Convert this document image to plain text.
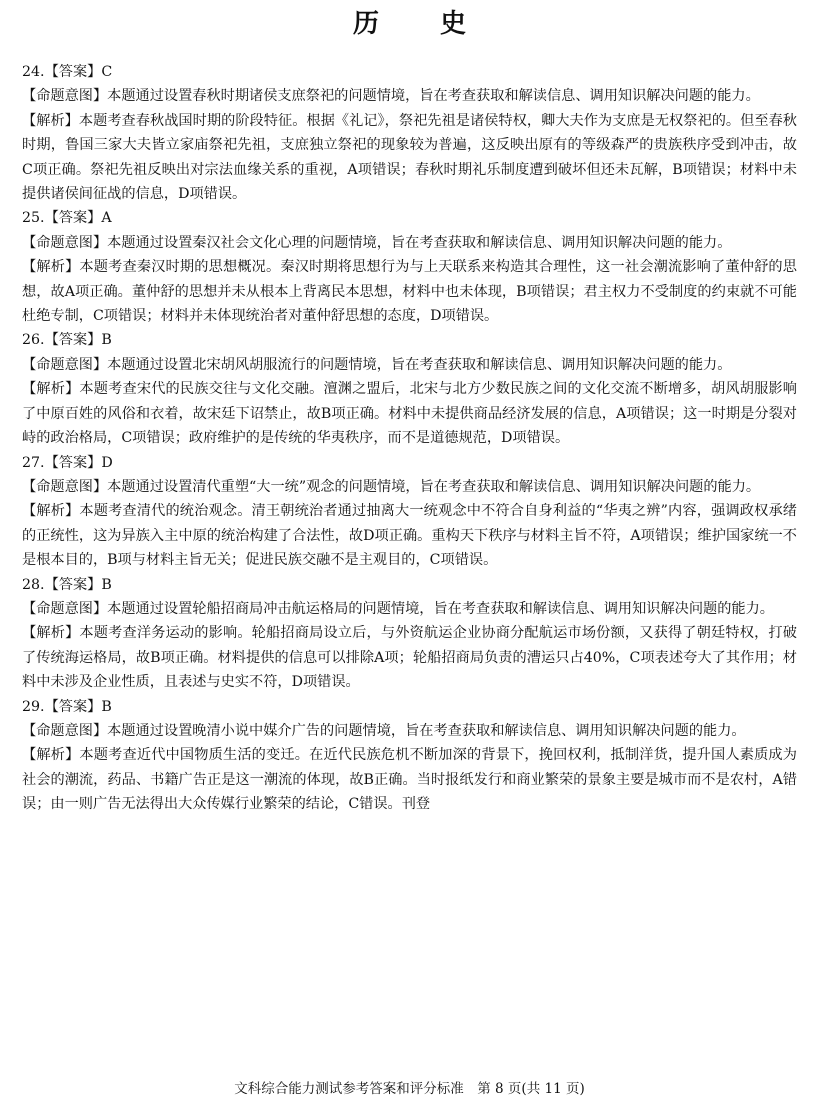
历 史

24.【答案】C

【命题意图】本题通过设置春秋时期诸侯支庶祭祀的问题情境，旨在考查获取和解读信息、调用知识解决问题的能力。

【解析】本题考查春秋战国时期的阶段特征。根据《礼记》，祭祀先祖是诸侯特权，卿大夫作为支庶是无权祭祀的。但至春秋时期，鲁国三家大夫皆立家庙祭祀先祖，支庶独立祭祀的现象较为普遍，这反映出原有的等级森严的贵族秩序受到冲击，故C项正确。祭祀先祖反映出对宗法血缘关系的重视，A项错误；春秋时期礼乐制度遭到破坏但还未瓦解，B项错误；材料中未提供诸侯间征战的信息，D项错误。

25.【答案】A

【命题意图】本题通过设置秦汉社会文化心理的问题情境，旨在考查获取和解读信息、调用知识解决问题的能力。

【解析】本题考查秦汉时期的思想概况。秦汉时期将思想行为与上天联系来构造其合理性，这一社会潮流影响了董仲舒的思想，故A项正确。董仲舒的思想并未从根本上背离民本思想，材料中也未体现，B项错误；君主权力不受制度的约束就不可能杜绝专制，C项错误；材料并未体现统治者对董仲舒思想的态度，D项错误。

26.【答案】B

【命题意图】本题通过设置北宋胡风胡服流行的问题情境，旨在考查获取和解读信息、调用知识解决问题的能力。

【解析】本题考查宋代的民族交往与文化交融。澶渊之盟后，北宋与北方少数民族之间的文化交流不断增多，胡风胡服影响了中原百姓的风俗和衣着，故宋廷下诏禁止，故B项正确。材料中未提供商品经济发展的信息，A项错误；这一时期是分裂对峙的政治格局，C项错误；政府维护的是传统的华夷秩序，而不是道德规范，D项错误。

27.【答案】D

【命题意图】本题通过设置清代重塑“大一统”观念的问题情境，旨在考查获取和解读信息、调用知识解决问题的能力。

【解析】本题考查清代的统治观念。清王朝统治者通过抽离大一统观念中不符合自身利益的“华夷之辨”内容，强调政权承绪的正统性，这为异族入主中原的统治构建了合法性，故D项正确。重构天下秩序与材料主旨不符，A项错误；维护国家统一不是根本目的，B项与材料主旨无关；促进民族交融不是主观目的，C项错误。

28.【答案】B

【命题意图】本题通过设置轮船招商局冲击航运格局的问题情境，旨在考查获取和解读信息、调用知识解决问题的能力。

【解析】本题考查洋务运动的影响。轮船招商局设立后，与外资航运企业协商分配航运市场份额，又获得了朝廷特权，打破了传统海运格局，故B项正确。材料提供的信息可以排除A项；轮船招商局负责的漕运只占40%，C项表述夸大了其作用；材料中未涉及企业性质，且表述与史实不符，D项错误。

29.【答案】B

【命题意图】本题通过设置晚清小说中媒介广告的问题情境，旨在考查获取和解读信息、调用知识解决问题的能力。

【解析】本题考查近代中国物质生活的变迁。在近代民族危机不断加深的背景下，挽回权利，抵制洋货，提升国人素质成为社会的潮流，药品、书籍广告正是这一潮流的体现，故B正确。当时报纸发行和商业繁荣的景象主要是城市而不是农村，A错误；由一则广告无法得出大众传媒行业繁荣的结论，C错误。刊登

文科综合能力测试参考答案和评分标准　第 8 页(共 11 页)
